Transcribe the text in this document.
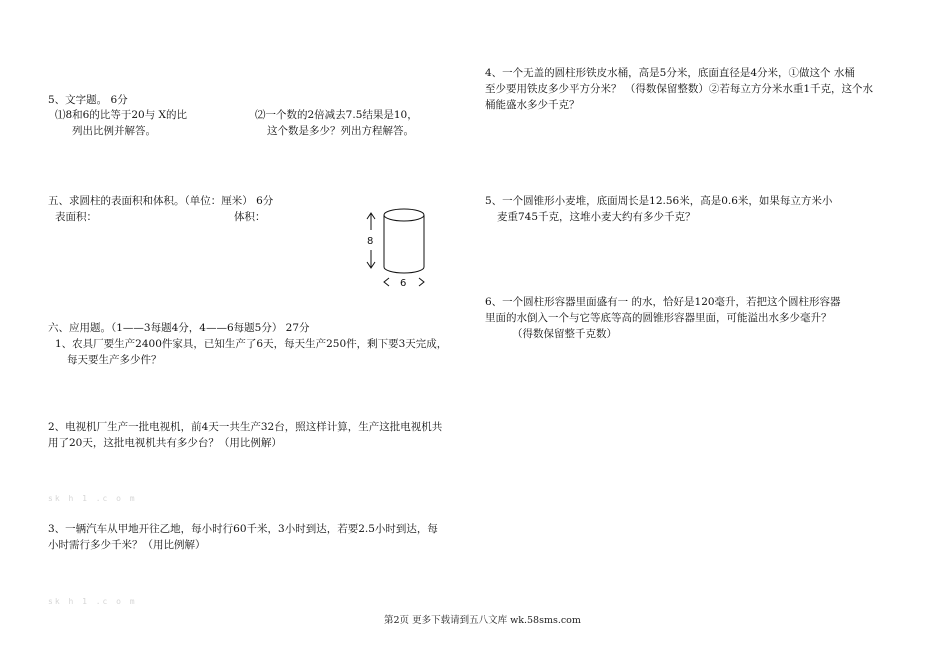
5、文字题。 6分
⑴8和6的比等于20与 X的比
列出比例并解答。
⑵一个数的2倍减去7.5结果是10，
这个数是多少？列出方程解答。
五、求圆柱的表面积和体积。（单位：厘米） 6分
表面积：	体积：
8
6
六、应用题。（1——3每题4分，4——6每题5分） 27分
1、农具厂要生产2400件家具，已知生产了6天，每天生产250件，剩下要3天完成，
每天要生产多少件？
2、电视机厂生产一批电视机，前4天一共生产32台，照这样计算，生产这批电视机共
用了20天，这批电视机共有多少台？（用比例解）
sk h 1 .c o m
3、一辆汽车从甲地开往乙地，每小时行60千米，3小时到达，若要2.5小时到达，每
小时需行多少千米？（用比例解）
sk h 1 .c o m
4、一个无盖的圆柱形铁皮水桶，高是5分米，底面直径是4分米，①做这个 水桶
至少要用铁皮多少平方分米？ （得数保留整数）②若每立方分米水重1千克，这个水
桶能盛水多少千克？
5、一个圆锥形小麦堆，底面周长是12.56米，高是0.6米，如果每立方米小
麦重745千克，这堆小麦大约有多少千克？
6、一个圆柱形容器里面盛有一 的水，恰好是120毫升，若把这个圆柱形容器
里面的水倒入一个与它等底等高的圆锥形容器里面，可能溢出水多少毫升？
（得数保留整千克数）
第2页 更多下载请到五八文库 wk.58sms.com
